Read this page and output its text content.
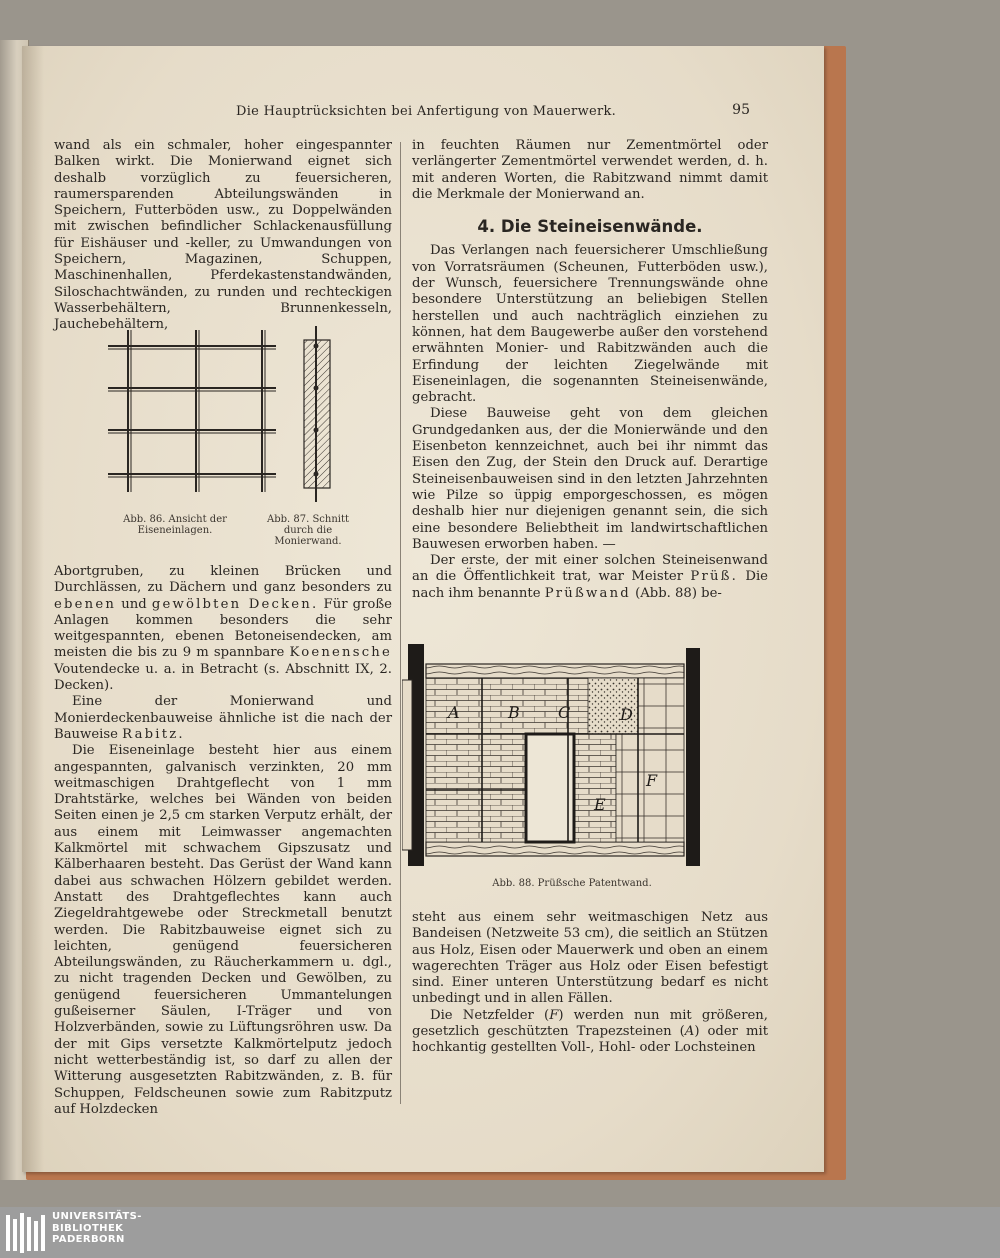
Die Hauptrücksichten bei Anfertigung von Mauerwerk.	95

wand als ein schmaler, hoher eingespannter Balken wirkt. Die Monierwand eignet sich deshalb vorzüglich zu feuersicheren, raumersparenden Abteilungswänden in Speichern, Futterböden usw., zu Doppelwänden mit zwischen befindlicher Schlackenausfüllung für Eishäuser und -keller, zu Umwandungen von Speichern, Magazinen, Schuppen, Maschinenhallen, Pferdekastenstandwänden, Siloschachtwänden, zu runden und rechteckigen Wasserbehältern, Brunnenkesseln, Jauchebehältern,

Abb. 86. Ansicht der Eiseneinlagen.
Abb. 87. Schnitt durch die Monierwand.

Abortgruben, zu kleinen Brücken und Durchlässen, zu Dächern und ganz besonders zu ebenen und gewölbten Decken. Für große Anlagen kommen besonders die sehr weitgespannten, ebenen Betoneisendecken, am meisten die bis zu 9 m spannbare Koenensche Voutendecke u. a. in Betracht (s. Abschnitt IX, 2. Decken).

Eine der Monierwand und Monierdeckenbauweise ähnliche ist die nach der Bauweise Rabitz.

Die Eiseneinlage besteht hier aus einem angespannten, galvanisch verzinkten, 20 mm weitmaschigen Drahtgeflecht von 1 mm Drahtstärke, welches bei Wänden von beiden Seiten einen je 2,5 cm starken Verputz erhält, der aus einem mit Leimwasser angemachten Kalkmörtel mit schwachem Gipszusatz und Kälberhaaren besteht. Das Gerüst der Wand kann dabei aus schwachen Hölzern gebildet werden. Anstatt des Drahtgeflechtes kann auch Ziegeldrahtgewebe oder Streckmetall benutzt werden. Die Rabitzbauweise eignet sich zu leichten, genügend feuersicheren Abteilungswänden, zu Räucherkammern u. dgl., zu nicht tragenden Decken und Gewölben, zu genügend feuersicheren Ummantelungen gußeiserner Säulen, I-Träger und von Holzverbänden, sowie zu Lüftungsröhren usw. Da der mit Gips versetzte Kalkmörtelputz jedoch nicht wetterbeständig ist, so darf zu allen der Witterung ausgesetzten Rabitzwänden, z. B. für Schuppen, Feldscheunen sowie zum Rabitzputz auf Holzdecken

in feuchten Räumen nur Zementmörtel oder verlängerter Zementmörtel verwendet werden, d. h. mit anderen Worten, die Rabitzwand nimmt damit die Merkmale der Monierwand an.

4. Die Steineisenwände.

Das Verlangen nach feuersicherer Umschließung von Vorratsräumen (Scheunen, Futterböden usw.), der Wunsch, feuersichere Trennungswände ohne besondere Unterstützung an beliebigen Stellen herstellen und auch nachträglich einziehen zu können, hat dem Baugewerbe außer den vorstehend erwähnten Monier- und Rabitzwänden auch die Erfindung der leichten Ziegelwände mit Eiseneinlagen, die sogenannten Steineisenwände, gebracht.

Diese Bauweise geht von dem gleichen Grundgedanken aus, der die Monierwände und den Eisenbeton kennzeichnet, auch bei ihr nimmt das Eisen den Zug, der Stein den Druck auf. Derartige Steineisenbauweisen sind in den letzten Jahrzehnten wie Pilze so üppig emporgeschossen, es mögen deshalb hier nur diejenigen genannt sein, die sich eine besondere Beliebtheit im landwirtschaftlichen Bauwesen erworben haben. —

Der erste, der mit einer solchen Steineisenwand an die Öffentlichkeit trat, war Meister Prüß. Die nach ihm benannte Prüßwand (Abb. 88) be-

A	B C	D
E
F
Abb. 88. Prüßsche Patentwand.

steht aus einem sehr weitmaschigen Netz aus Bandeisen (Netzweite 53 cm), die seitlich an Stützen aus Holz, Eisen oder Mauerwerk und oben an einem wagerechten Träger aus Holz oder Eisen befestigt sind. Einer unteren Unterstützung bedarf es nicht unbedingt und in allen Fällen.

Die Netzfelder (F) werden nun mit größeren, gesetzlich geschützten Trapezsteinen (A) oder mit hochkantig gestellten Voll-, Hohl- oder Lochsteinen

UNIVERSITÄTS-
BIBLIOTHEK
PADERBORN
